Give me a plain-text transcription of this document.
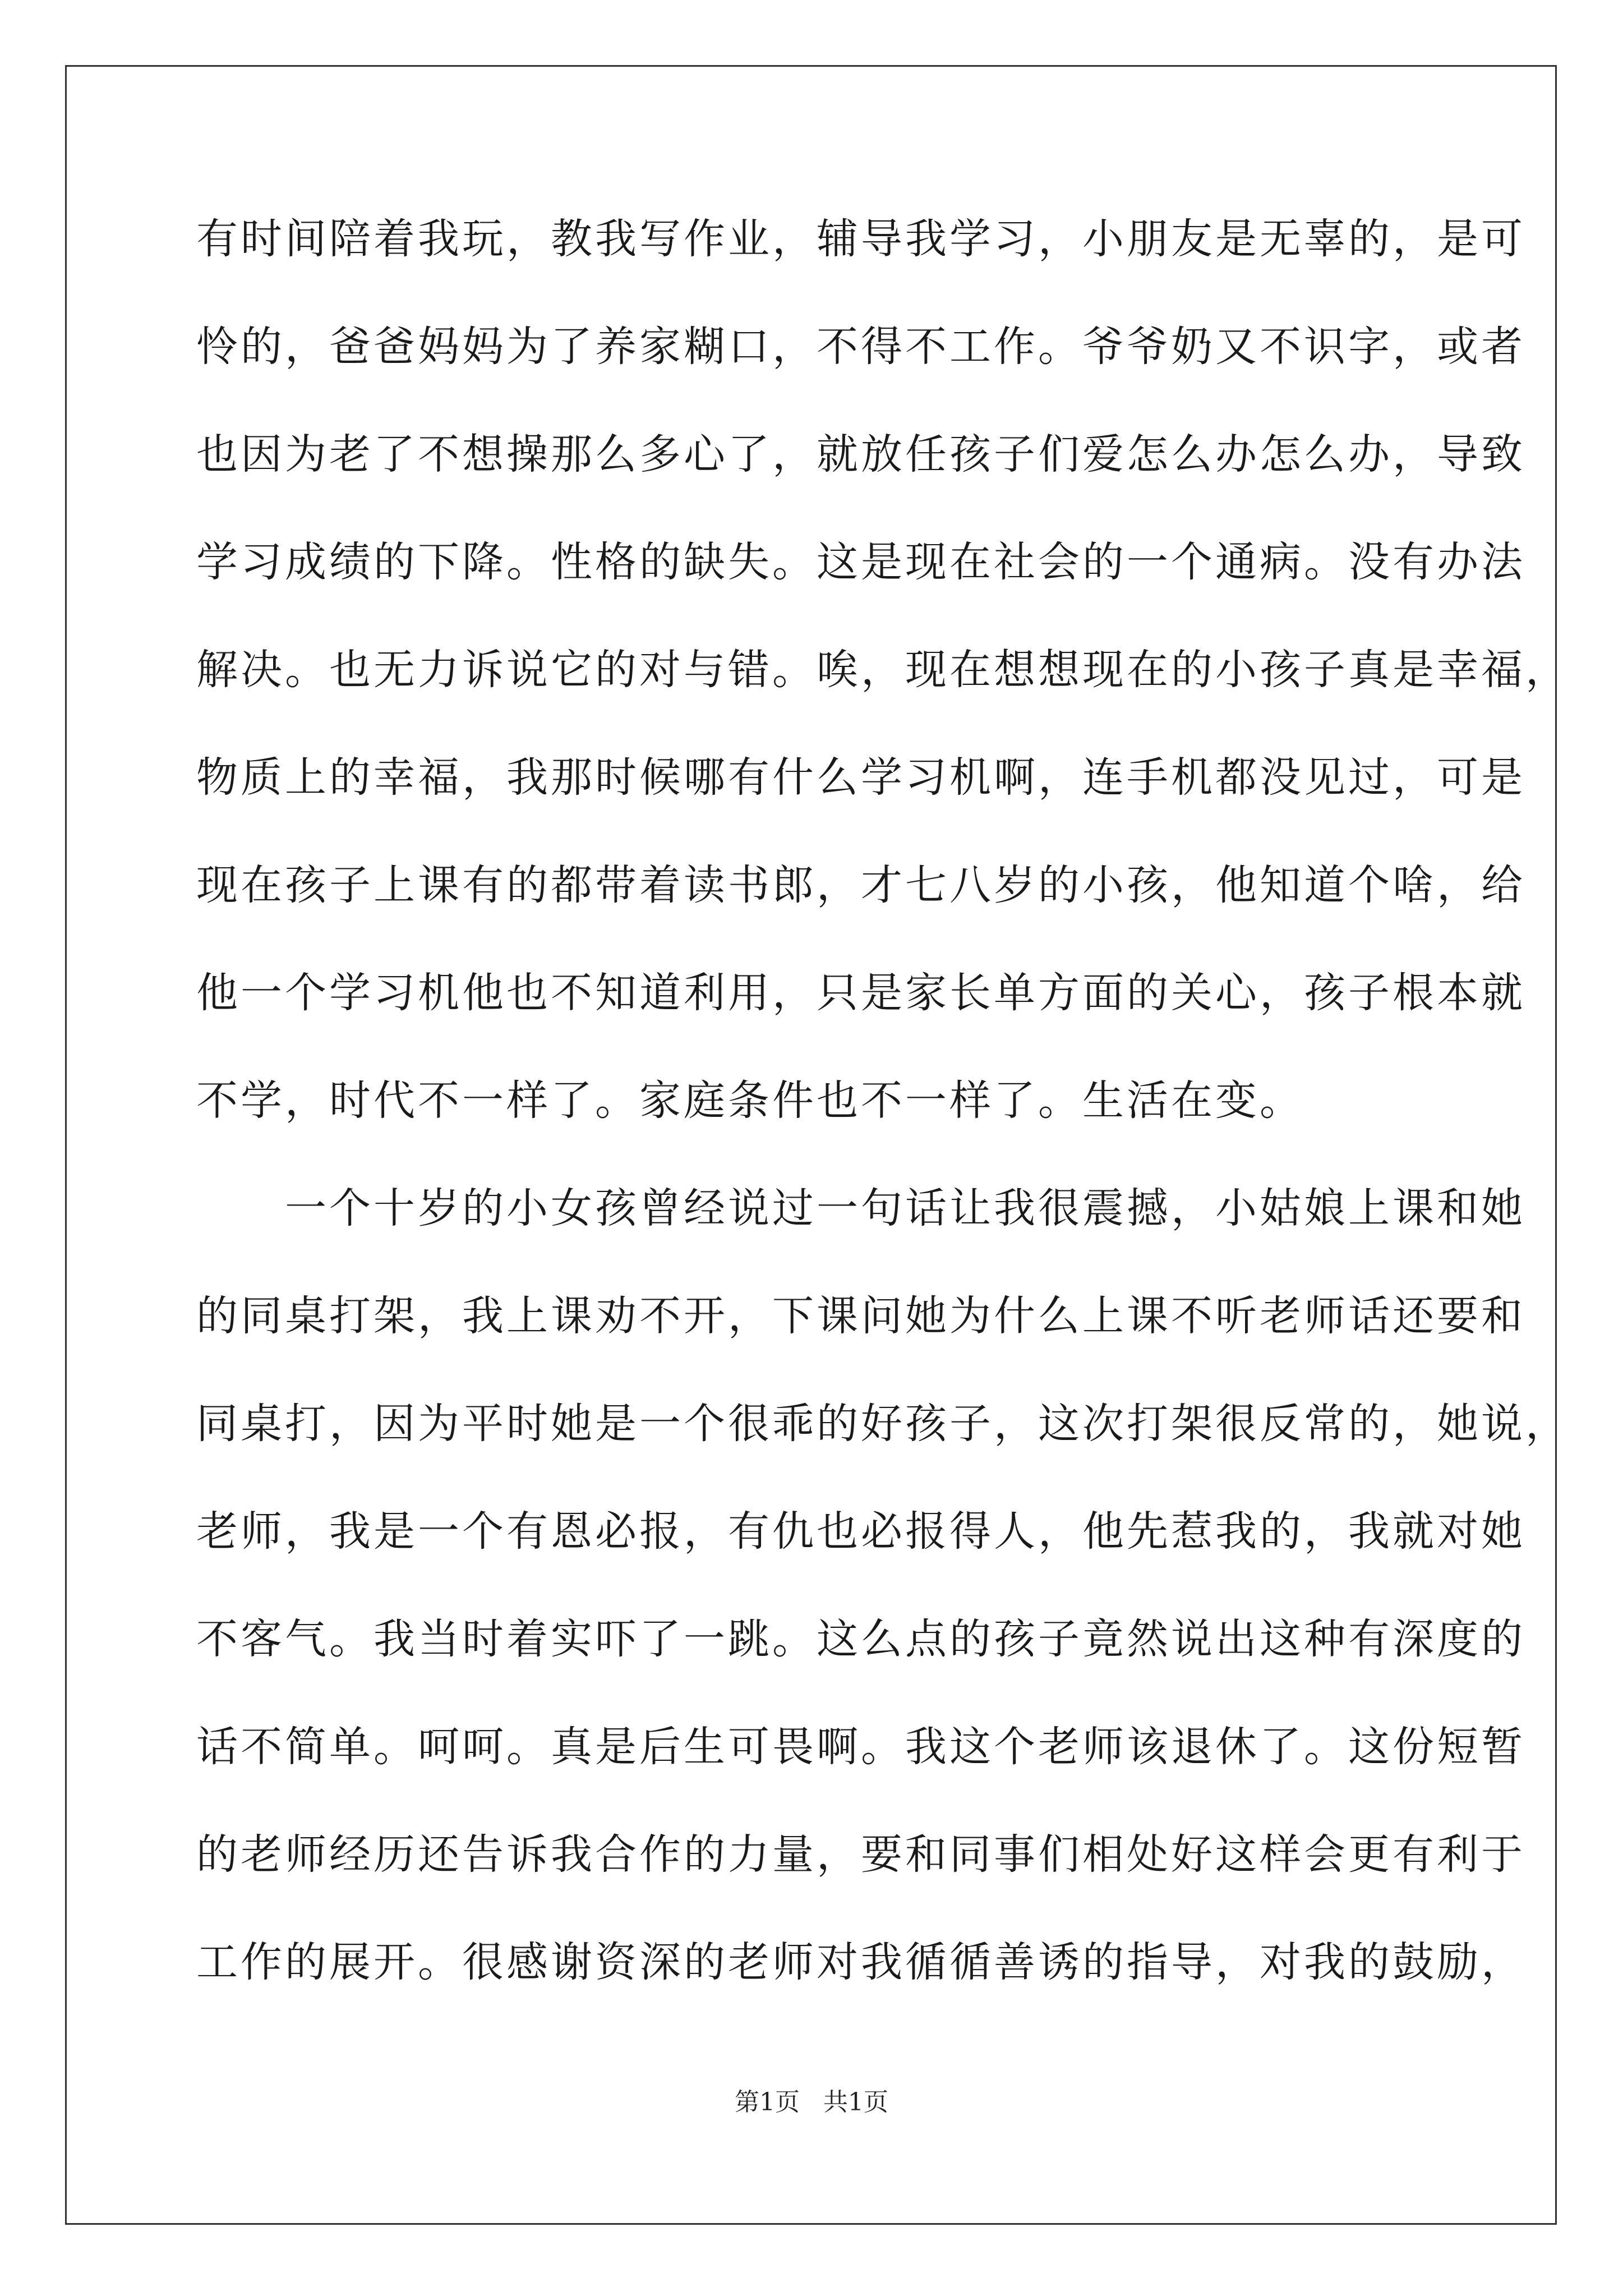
有时间陪着我玩，教我写作业，辅导我学习，小朋友是无辜的，是可
怜的，爸爸妈妈为了养家糊口，不得不工作。爷爷奶又不识字，或者
也因为老了不想操那么多心了，就放任孩子们爱怎么办怎么办，导致
学习成绩的下降。性格的缺失。这是现在社会的一个通病。没有办法
解决。也无力诉说它的对与错。唉，现在想想现在的小孩子真是幸福，
物质上的幸福，我那时候哪有什么学习机啊，连手机都没见过，可是
现在孩子上课有的都带着读书郎，才七八岁的小孩，他知道个啥，给
他一个学习机他也不知道利用，只是家长单方面的关心，孩子根本就
不学，时代不一样了。家庭条件也不一样了。生活在变。
　　一个十岁的小女孩曾经说过一句话让我很震撼，小姑娘上课和她
的同桌打架，我上课劝不开，下课问她为什么上课不听老师话还要和
同桌打，因为平时她是一个很乖的好孩子，这次打架很反常的，她说，
老师，我是一个有恩必报，有仇也必报得人，他先惹我的，我就对她
不客气。我当时着实吓了一跳。这么点的孩子竟然说出这种有深度的
话不简单。呵呵。真是后生可畏啊。我这个老师该退休了。这份短暂
的老师经历还告诉我合作的力量，要和同事们相处好这样会更有利于
工作的展开。很感谢资深的老师对我循循善诱的指导，对我的鼓励，
第1页   共1页
